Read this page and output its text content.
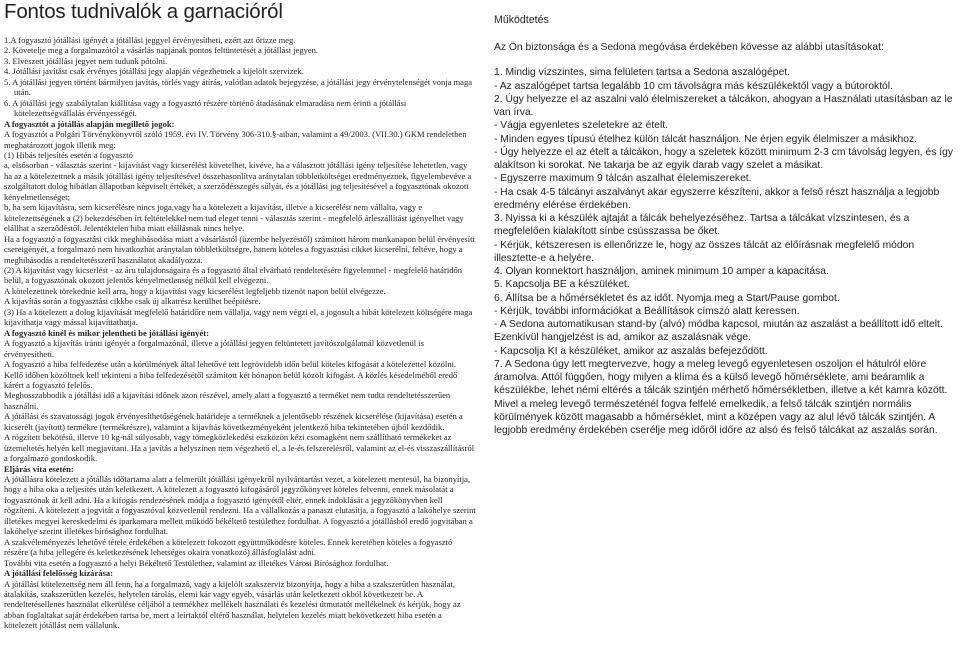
Fontos tudnivalók a garnacióról

1.A fogyasztó jótállási igényét a jótállási jeggyel érvényesítheti, ezért azt őrizze meg.

2. Követelje meg a forgalmazótól a vásárlás napjának pontos feltüntetését a jótállási jegyen.

3. Elveszett jótállási jegyet nem tudunk pótolni.

4. Jótállási javítást csak érvényes jótállási jegy alapján végezhetnek a kijelölt szervizek.

5. A jótállási jegyen történt bármilyen javítás, törlés vagy átírás, valótlan adatok bejegyzése, a jótállási jegy érvénytelenségét vonja maga után.

6. A jótállási jegy szabálytalan kiállítása vagy a fogyasztó részére történő átadásának elmaradása nem érinti a jótállási kötelezettségvállalás érvényességét.

A fogyasztót a jótállás alapján megillető jogok:

A fogyasztót a Polgári Törvénykönyvről szóló 1959. évi IV. Törvény 306-310.§-aiban, valamint a 49/2003. (VII.30.) GKM rendeletben meghatározott jogok illetik meg:

(1) Hibás teljesítés esetén a fogyasztó

a, elsősorban - választás szerint - kijavítást vagy kicserélést követelhet, kivéve, ha a választott jótállási igény teljesítése lehetetlen, vagy ha az a kötelezettnek a másik jótállási igény teljesítésével összehasonlítva aránytalan többletköltséget eredményeznek, figyelembevéve a szolgáltatott dolog hibátlan állapotban képviselt értékét, a szerződésszegés súlyát, és a jótállási jog teljesítésével a fogyasztónak okozott kényelmetlenséget;

b, ha sem kijavításra, sem kicserélésre nincs joga,vagy ha a kötelezett a kijavítást, illetve a kicserélést nem vállalta, vagy e kötelezettségének a (2) bekezdésében írt feltételekkel nem tud eleget tenni - választás szerint - megfelelő árleszállítást igényelhet vagy elállhat a szerződéstől. Jelentéktelen hiba miatt elállásnak nincs helye.

Ha a fogyasztó a fogyasztási cikk meghibásodása miatt a vásárlástól (üzembe helyezéstől) számított három munkanapon belül érvényesíti csereigényét, a forgalmazó nem hivatkozhat aránytalan többletköltségre, hanem köteles a fogyasztási cikket kicserélni, feltéve, hogy a meghibásodás a rendeltetésszerű használatot akadályozza.

(2) A kijavítást vagy kicserlést - az áru tulajdonságaira és a fogyasztó által elvárható rendeltetésére figyelemmel - megfelelő határidőn belül, a fogyasztónak okozott jelentős kényelmetlenség nélkül kell elvégezni.

A kötelezettnek törekednie kell arra, hogy a kijavítást vagy kicserélést legfeljebb tizenöt napon belül elvégezze.

A kijavítás során a fogyasztási cikkbe csak új alkatrész kerülhet beépítésre.

(3) Ha a kötelezett a dolog kijavítását megfelelő határidőre nem vállalja, vagy nem végzi el, a jogosult a hibát kötelezett költségére maga kijavíthatja vagy mással kijavíttathatja.

A fogyasztó kinél és mikor jelentheti be jótállási igényét:

A fogyasztó a kijavítás iránti igényét a forgalmazónál, illetve a jótállási jegyen feltüntetett javítószolgálatnál közvetlenül is érvényesítheti.

A fogyasztó a hiba felfedezése után a körülmények által lehetővé tett legrövidebb időn belül köteles kifogását a kötelezettel közölni. Kellő időben közöltnek kell tekinteni a hiba felfedezésétől számított két hónapon belül közölt kifogást. A közlés késedelméből eredő kárért a fogyasztó felelős.

Meghosszabbodik a jótállási idő a kijavítási időnek azon részével, amely alatt a fogyasztó a terméket nem tudta rendeltetésszerűen használni.

A jótállási és szavatossági jogok érvényesíthetőségének határideje a terméknek a jelentősebb részének kicserélése (kijavítása) esetén a kicserélt (javított) termékre (termékrészre), valamint a kijavítás következményeként jelentkező hiba tekintetében újból kezdődik.

A rögzített bekötésű, illetve 10 kg-nál súlyosabb, vagy tömegközlekedési eszközön kézi csomagként nem szállítható termékeket az üzemeltetés helyén kell megjavítani. Ha a javítás a helyszínen nem végezhető el, a le-és felszerelésről, valamint az el-és visszaszállításról a forgalmazó gondoskodik.

Eljárás vita esetén:

A jótállásra kötelezett a jótállás időtartama alatt a felmerült jótállási igényekről nyilvántartást vezet, a kötelezett mentesül, ha bizonyítja, hogy a hiba oka a teljesítés után keletkezett. A kötelezett a fogyasztó kifogásáról jegyzőkönyvet köteles felvenni, ennek másolatát a fogyasztónak át kell adni. Ha a kifogás rendezésének módja a fogyasztó igényétől eltér, ennek indoklását a jegyzőkönyvben kell rögzíteni. A kötelezett a jogvitát a fogyasztóval közvetlenül rendezni. Ha a vállalkozás a panaszt elutasítja, a fogyasztó a lakóhelye szerint illetékes megyei kereskedelmi és iparkamara mellett működő békéltető testülethez fordulhat. A fogyasztó a jótállásból eredő jogvitában a lakóhelye szerint illetékes bírósághoz fordulhat.

A szakvéleményezés lehetővé tétele érdekében a kötelezett fokozott együttműködésre köteles. Ennek keretében köteles a fogyasztó részére (a hiba jellegére és keletkezésének lehetséges okaira vonatkozó) állásfoglalást adni.

További vita esetén a fogyasztó a helyi Békéltető Testülethez, valamint az illetékes Városi Bírósághoz fordulhat.

A jótállási felelősség kizárása:

A jótállási kötelezettség nem áll fenn, ha a forgalmazó, vagy a kijelölt szakszerviz bizonyítja, hogy a hiba a szakszerűtlen használat, átalakítás, szakszerűtlen kezelés, helytelen tárolás, elemi kár vagy egyéb, vásárlás után keletkezett okból következett be. A rendeltetésellenes használat elkerülése céljából a termékhez mellékelt használati és kezelési útmutatót mellékelnek és kérjük, hogy az abban foglaltakat saját érdekében tartsa be, mert a leírtaktól eltérő használat, helytelen kezelés miatt bekövetkezett hiba esetén a kötelezett jótállást nem vállalunk.

Működtetés

Az Ön biztonsága és a Sedona megóvása érdekében kövesse az alábbi utasításokat:

1. Mindig vízszintes, sima felületen tartsa a Sedona aszalógépet.

- Az aszalógépet tartsa legalább 10 cm távolságra más készülékektől vagy a bútoroktól.

2. Úgy helyezze el az aszalni való élelmiszereket a tálcákon, ahogyan a Használati utasításban az le van írva.

- Vágja egyenletes szeletekre az ételt.

- Minden egyes típusú ételhez külön tálcát használjon. Ne érjen egyik élelmiszer a másikhoz.

- Úgy helyezze el az ételt a tálcákon, hogy a szeletek között minimum 2-3 cm távolság legyen, és így alakítson ki sorokat. Ne takarja be az egyik darab vagy szelet a másikat.

- Egyszerre maximum 9 tálcán aszalhat élelemiszereket.

- Ha csak 4-5 tálcányi aszalványt akar egyszerre készíteni, akkor a felső részt használja a legjobb eredmény elérése érdekében.

3. Nyissa ki a készülék ajtaját a tálcák behelyezéséhez. Tartsa a tálcákat vízszintesen, és a megfelelően kialakított sínbe csússzassa be őket.

- Kérjük, kétszeresen is ellenőrizze le, hogy az összes tálcát az előírásnak megfelelő módon illesztette-e a helyére.

4. Olyan konnektort használjon, aminek minimum 10 amper a kapacitása.

5. Kapcsolja BE a készüléket.

6. Állítsa be a hőmérsékletet és az időt. Nyomja meg a Start/Pause gombot.

- Kérjük, további információkat a Beállítások címszó alatt keressen.

- A Sedona automatikusan stand-by (alvó) módba kapcsol, miután az aszalást a beállított idő eltelt. Ezenkívül hangjelzést is ad, amikor az aszalásnak vége.

- Kapcsolja KI a készüléket, amikor az aszalás befejeződött.

7. A Sedona úgy lett megtervezve, hogy a meleg levegő egyenletesen oszoljon el hátulról elöre áramolva. Attól függően, hogy milyen a klíma és a külső levegő hőmérséklete, ami beáramlik a készülékbe, lehet némi eltérés a tálcák szintjén mérhető hőmérsékletben, illetve a két kamra között. Mivel a meleg levegő természeténél fogva felfelé emelkedik, a felső tálcák szintjén normális körülmények között magasabb a hőmérséklet, mint a középen vagy az alul lévő tálcák szintjén. A legjobb eredmény érdekében cserélje meg időről időre az alsó és felső tálcákat az aszalás során.
